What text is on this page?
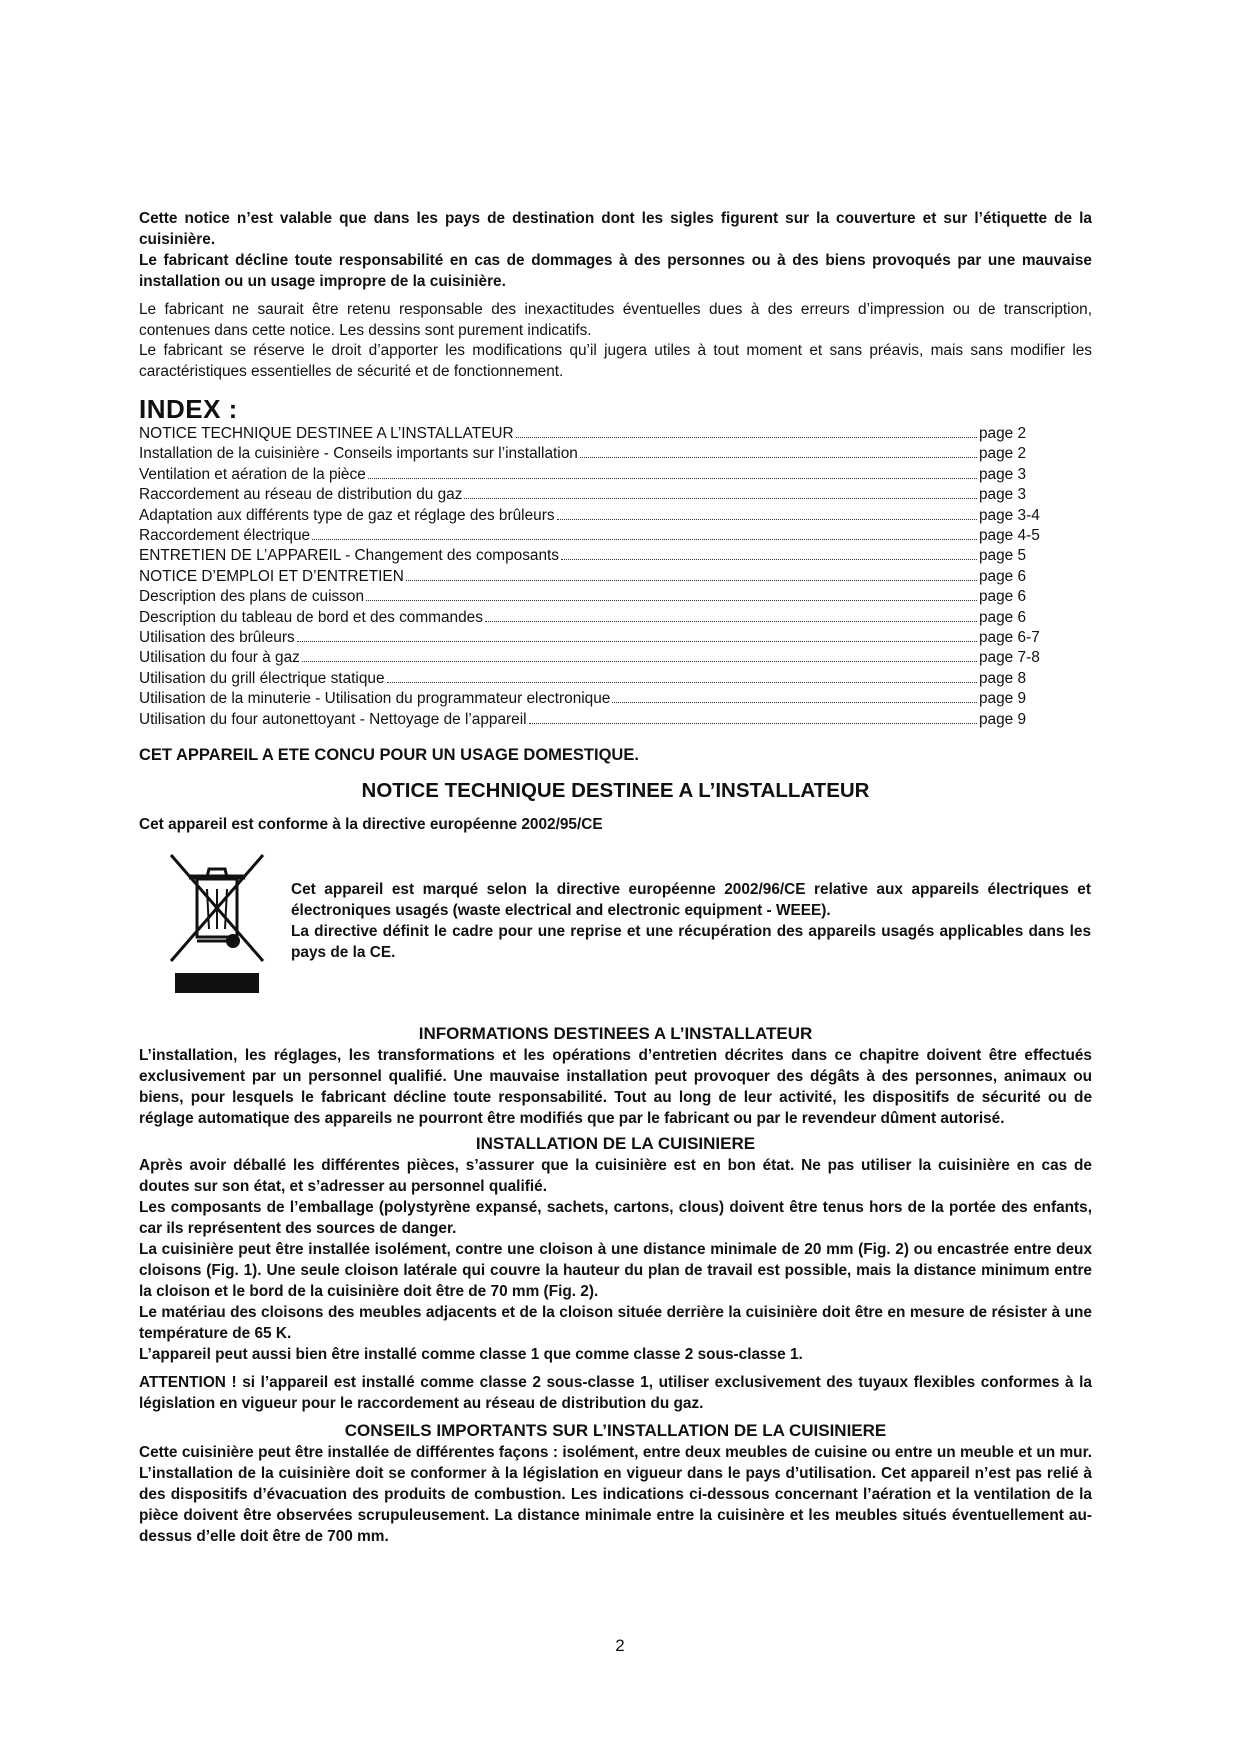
Cette notice n’est valable que dans les pays de destination dont les sigles figurent sur la couverture et sur l’étiquette de la cuisinière.

Le fabricant décline toute responsabilité en cas de dommages à des personnes ou à des biens provoqués par une mauvaise installation ou un usage impropre de la cuisinière.

Le fabricant ne saurait être retenu responsable des inexactitudes éventuelles dues à des erreurs d’impression ou de transcription, contenues dans cette notice. Les dessins sont purement indicatifs.

Le fabricant se réserve le droit d’apporter les modifications qu’il jugera utiles à tout moment et sans préavis, mais sans modifier les caractéristiques essentielles de sécurité et de fonctionnement.

INDEX :
NOTICE TECHNIQUE DESTINEE A L’INSTALLATEUR	page 2
Installation de la cuisinière - Conseils importants sur l’installation	page 2
Ventilation et aération de la pièce	page 3
Raccordement au réseau de distribution du gaz	page 3
Adaptation aux différents type de gaz et réglage des brûleurs	page 3-4
Raccordement électrique	page 4-5
ENTRETIEN DE L’APPAREIL - Changement des composants	page 5
NOTICE D’EMPLOI ET D’ENTRETIEN	page 6
Description des plans de cuisson	page 6
Description du tableau de bord et des commandes	page 6
Utilisation des brûleurs	page 6-7
Utilisation du four à gaz	page 7-8
Utilisation du grill électrique statique	page 8
Utilisation de la minuterie - Utilisation du programmateur electronique	page 9
Utilisation du four autonettoyant - Nettoyage de l’appareil	page 9
CET APPAREIL A ETE CONCU POUR UN USAGE DOMESTIQUE.
NOTICE TECHNIQUE DESTINEE A L’INSTALLATEUR
Cet appareil est conforme à la directive européenne 2002/95/CE

Cet appareil est marqué selon la directive européenne 2002/96/CE relative aux appareils électriques et électroniques usagés (waste electrical and electronic equipment - WEEE).

La directive définit le cadre pour une reprise et une récupération des appareils usagés applicables dans les pays de la CE.

INFORMATIONS DESTINEES A L’INSTALLATEUR

L’installation, les réglages, les transformations et les opérations d’entretien décrites dans ce chapitre doivent être effectués exclusivement par un personnel qualifié. Une mauvaise installation peut provoquer des dégâts à des personnes, animaux ou biens, pour lesquels le fabricant décline toute responsabilité. Tout au long de leur activité, les dispositifs de sécurité ou de réglage automatique des appareils ne pourront être modifiés que par le fabricant ou par le revendeur dûment autorisé.

INSTALLATION DE LA CUISINIERE

Après avoir déballé les différentes pièces, s’assurer que la cuisinière est en bon état. Ne pas utiliser la cuisinière en cas de doutes sur son état, et s’adresser au personnel qualifié.

Les composants de l’emballage (polystyrène expansé, sachets, cartons, clous) doivent être tenus hors de la portée des enfants, car ils représentent des sources de danger.

La cuisinière peut être installée isolément, contre une cloison à une distance minimale de 20 mm (Fig. 2) ou encastrée entre deux cloisons (Fig. 1). Une seule cloison latérale qui couvre la hauteur du plan de travail est possible, mais la distance minimum entre la cloison et le bord de la cuisinière doit être de 70 mm (Fig. 2).

Le matériau des cloisons des meubles adjacents et de la cloison située derrière la cuisinière doit être en mesure de résister à une température de 65 K.

L’appareil peut aussi bien être installé comme classe 1 que comme classe 2 sous-classe 1.

ATTENTION ! si l’appareil est installé comme classe 2 sous-classe 1, utiliser exclusivement des tuyaux flexibles conformes à la législation en vigueur pour le raccordement au réseau de distribution du gaz.

CONSEILS IMPORTANTS SUR L’INSTALLATION DE LA CUISINIERE

Cette cuisinière peut être installée de différentes façons : isolément, entre deux meubles de cuisine ou entre un meuble et un mur. L’installation de la cuisinière doit se conformer à la législation en vigueur dans le pays d’utilisation. Cet appareil n’est pas relié à des dispositifs d’évacuation des produits de combustion. Les indications ci-dessous concernant l’aération et la ventilation de la pièce doivent être observées scrupuleusement. La distance minimale entre la cuisinère et les meubles situés éventuellement au-dessus d’elle doit être de 700 mm.

2
